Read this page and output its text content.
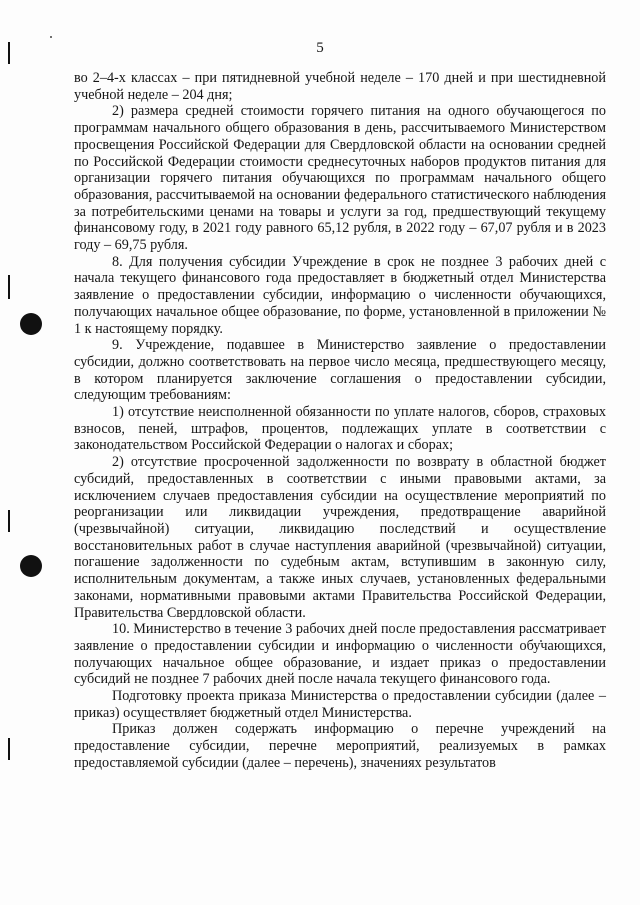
5

во 2–4-х классах – при пятидневной учебной неделе – 170 дней и при шестидневной учебной неделе – 204 дня;

2) размера средней стоимости горячего питания на одного обучающегося по программам начального общего образования в день, рассчитываемого Министерством просвещения Российской Федерации для Свердловской области на основании средней по Российской Федерации стоимости среднесуточных наборов продуктов питания для организации горячего питания обучающихся по программам начального общего образования, рассчитываемой на основании федерального статистического наблюдения за потребительскими ценами на товары и услуги за год, предшествующий текущему финансовому году, в 2021 году равного 65,12 рубля, в 2022 году – 67,07 рубля и в 2023 году – 69,75 рубля.

8. Для получения субсидии Учреждение в срок не позднее 3 рабочих дней с начала текущего финансового года предоставляет в бюджетный отдел Министерства заявление о предоставлении субсидии, информацию о численности обучающихся, получающих начальное общее образование, по форме, установленной в приложении № 1 к настоящему порядку.

9. Учреждение, подавшее в Министерство заявление о предоставлении субсидии, должно соответствовать на первое число месяца, предшествующего месяцу, в котором планируется заключение соглашения о предоставлении субсидии, следующим требованиям:

1) отсутствие неисполненной обязанности по уплате налогов, сборов, страховых взносов, пеней, штрафов, процентов, подлежащих уплате в соответствии с законодательством Российской Федерации о налогах и сборах;

2) отсутствие просроченной задолженности по возврату в областной бюджет субсидий, предоставленных в соответствии с иными правовыми актами, за исключением случаев предоставления субсидии на осуществление мероприятий по реорганизации или ликвидации учреждения, предотвращение аварийной (чрезвычайной) ситуации, ликвидацию последствий и осуществление восстановительных работ в случае наступления аварийной (чрезвычайной) ситуации, погашение задолженности по судебным актам, вступившим в законную силу, исполнительным документам, а также иных случаев, установленных федеральными законами, нормативными правовыми актами Правительства Российской Федерации, Правительства Свердловской области.

10. Министерство в течение 3 рабочих дней после предоставления рассматривает заявление о предоставлении субсидии и информацию о численности обучающихся, получающих начальное общее образование, и издает приказ о предоставлении субсидий не позднее 7 рабочих дней после начала текущего финансового года.

Подготовку проекта приказа Министерства о предоставлении субсидии (далее – приказ) осуществляет бюджетный отдел Министерства.

Приказ должен содержать информацию о перечне учреждений на предоставление субсидии, перечне мероприятий, реализуемых в рамках предоставляемой субсидии (далее – перечень), значениях результатов
